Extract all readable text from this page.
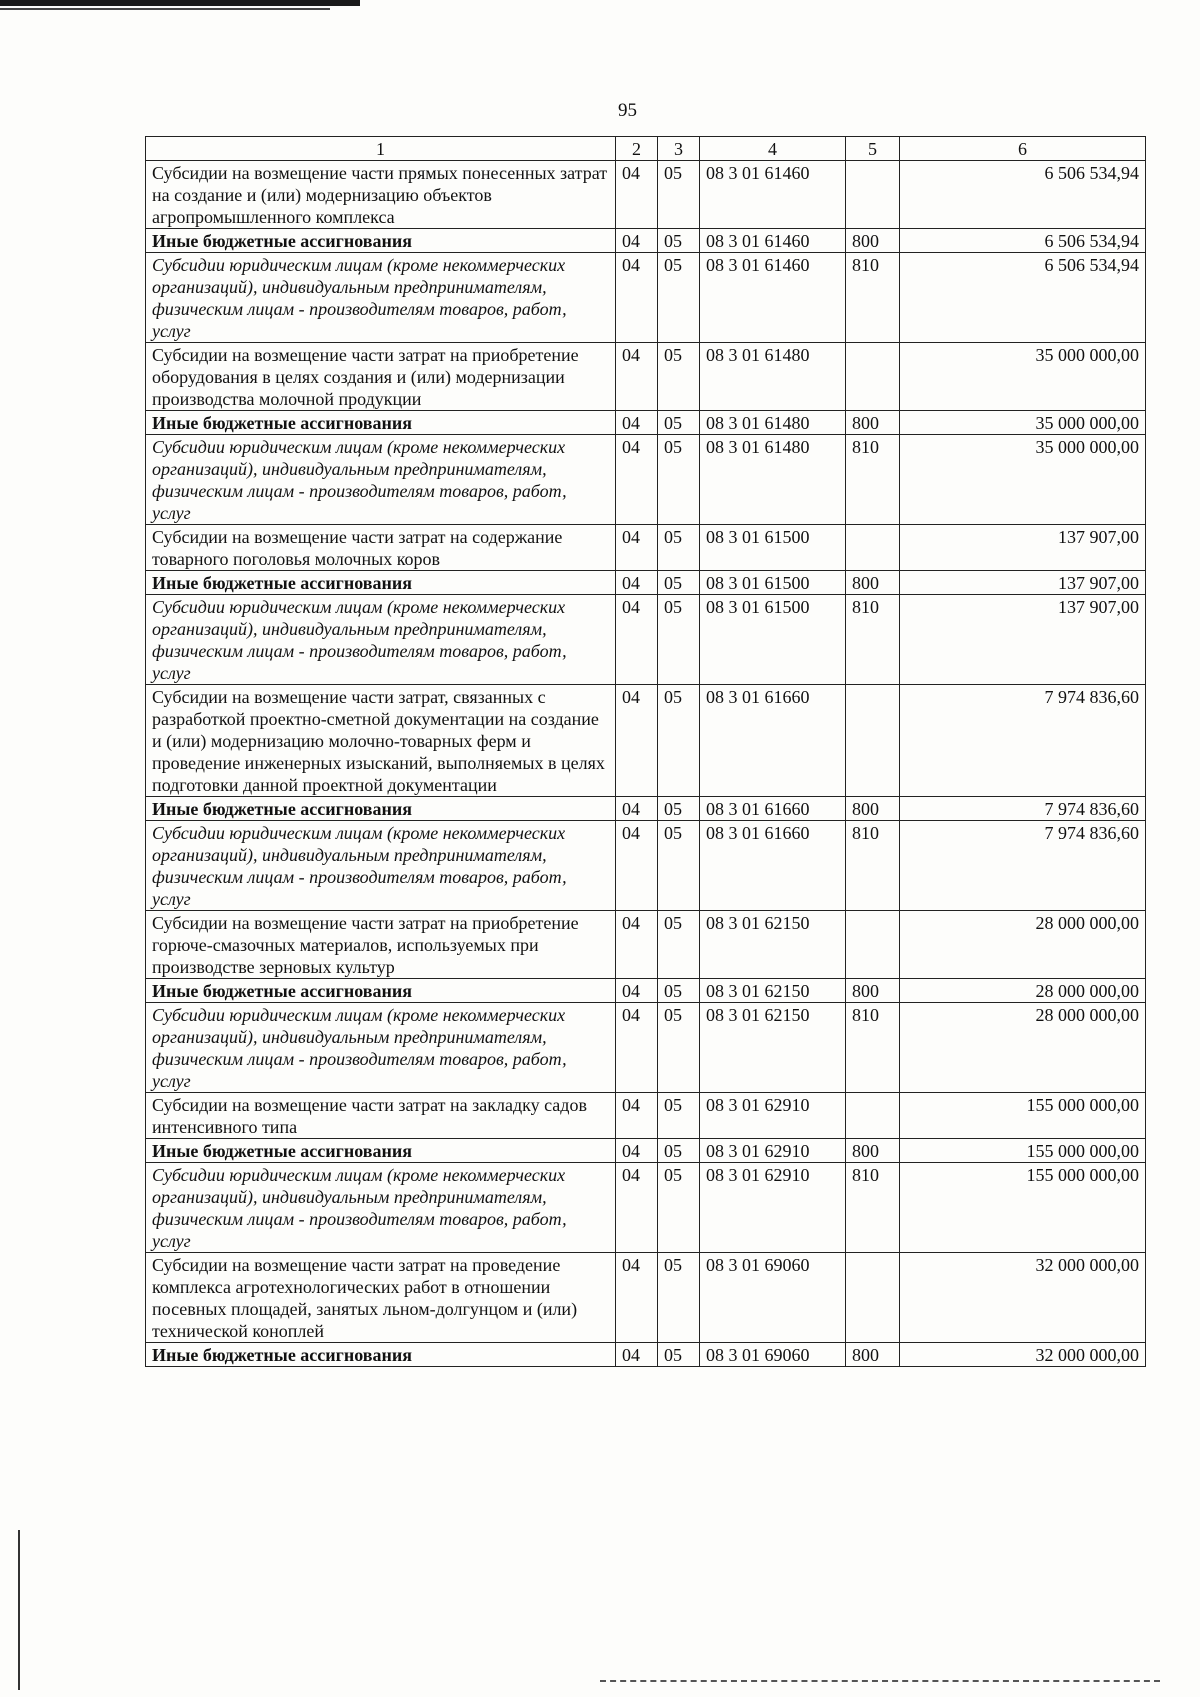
95
1	2	3	4	5	6
Субсидии на возмещение части прямых понесенных затрат на создание и (или) модернизацию объектов агропромышленного комплекса	04	05	08 3 01 61460		6 506 534,94
Иные бюджетные ассигнования	04	05	08 3 01 61460	800	6 506 534,94
Субсидии юридическим лицам (кроме некоммерческих организаций), индивидуальным предпринимателям, физическим лицам - производителям товаров, работ, услуг	04	05	08 3 01 61460	810	6 506 534,94
Субсидии на возмещение части затрат на приобретение оборудования в целях создания и (или) модернизации производства молочной продукции	04	05	08 3 01 61480		35 000 000,00
Иные бюджетные ассигнования	04	05	08 3 01 61480	800	35 000 000,00
Субсидии юридическим лицам (кроме некоммерческих организаций), индивидуальным предпринимателям, физическим лицам - производителям товаров, работ, услуг	04	05	08 3 01 61480	810	35 000 000,00
Субсидии на возмещение части затрат на содержание товарного поголовья молочных коров	04	05	08 3 01 61500		137 907,00
Иные бюджетные ассигнования	04	05	08 3 01 61500	800	137 907,00
Субсидии юридическим лицам (кроме некоммерческих организаций), индивидуальным предпринимателям, физическим лицам - производителям товаров, работ, услуг	04	05	08 3 01 61500	810	137 907,00
Субсидии на возмещение части затрат, связанных с разработкой проектно-сметной документации на создание и (или) модернизацию молочно-товарных ферм и проведение инженерных изысканий, выполняемых в целях подготовки данной проектной документации	04	05	08 3 01 61660		7 974 836,60
Иные бюджетные ассигнования	04	05	08 3 01 61660	800	7 974 836,60
Субсидии юридическим лицам (кроме некоммерческих организаций), индивидуальным предпринимателям, физическим лицам - производителям товаров, работ, услуг	04	05	08 3 01 61660	810	7 974 836,60
Субсидии на возмещение части затрат на приобретение горюче-смазочных материалов, используемых при производстве зерновых культур	04	05	08 3 01 62150		28 000 000,00
Иные бюджетные ассигнования	04	05	08 3 01 62150	800	28 000 000,00
Субсидии юридическим лицам (кроме некоммерческих организаций), индивидуальным предпринимателям, физическим лицам - производителям товаров, работ, услуг	04	05	08 3 01 62150	810	28 000 000,00
Субсидии на возмещение части затрат на закладку садов интенсивного типа	04	05	08 3 01 62910		155 000 000,00
Иные бюджетные ассигнования	04	05	08 3 01 62910	800	155 000 000,00
Субсидии юридическим лицам (кроме некоммерческих организаций), индивидуальным предпринимателям, физическим лицам - производителям товаров, работ, услуг	04	05	08 3 01 62910	810	155 000 000,00
Субсидии на возмещение части затрат на проведение комплекса агротехнологических работ в отношении посевных площадей, занятых льном-долгунцом и (или) технической коноплей	04	05	08 3 01 69060		32 000 000,00
Иные бюджетные ассигнования	04	05	08 3 01 69060	800	32 000 000,00
